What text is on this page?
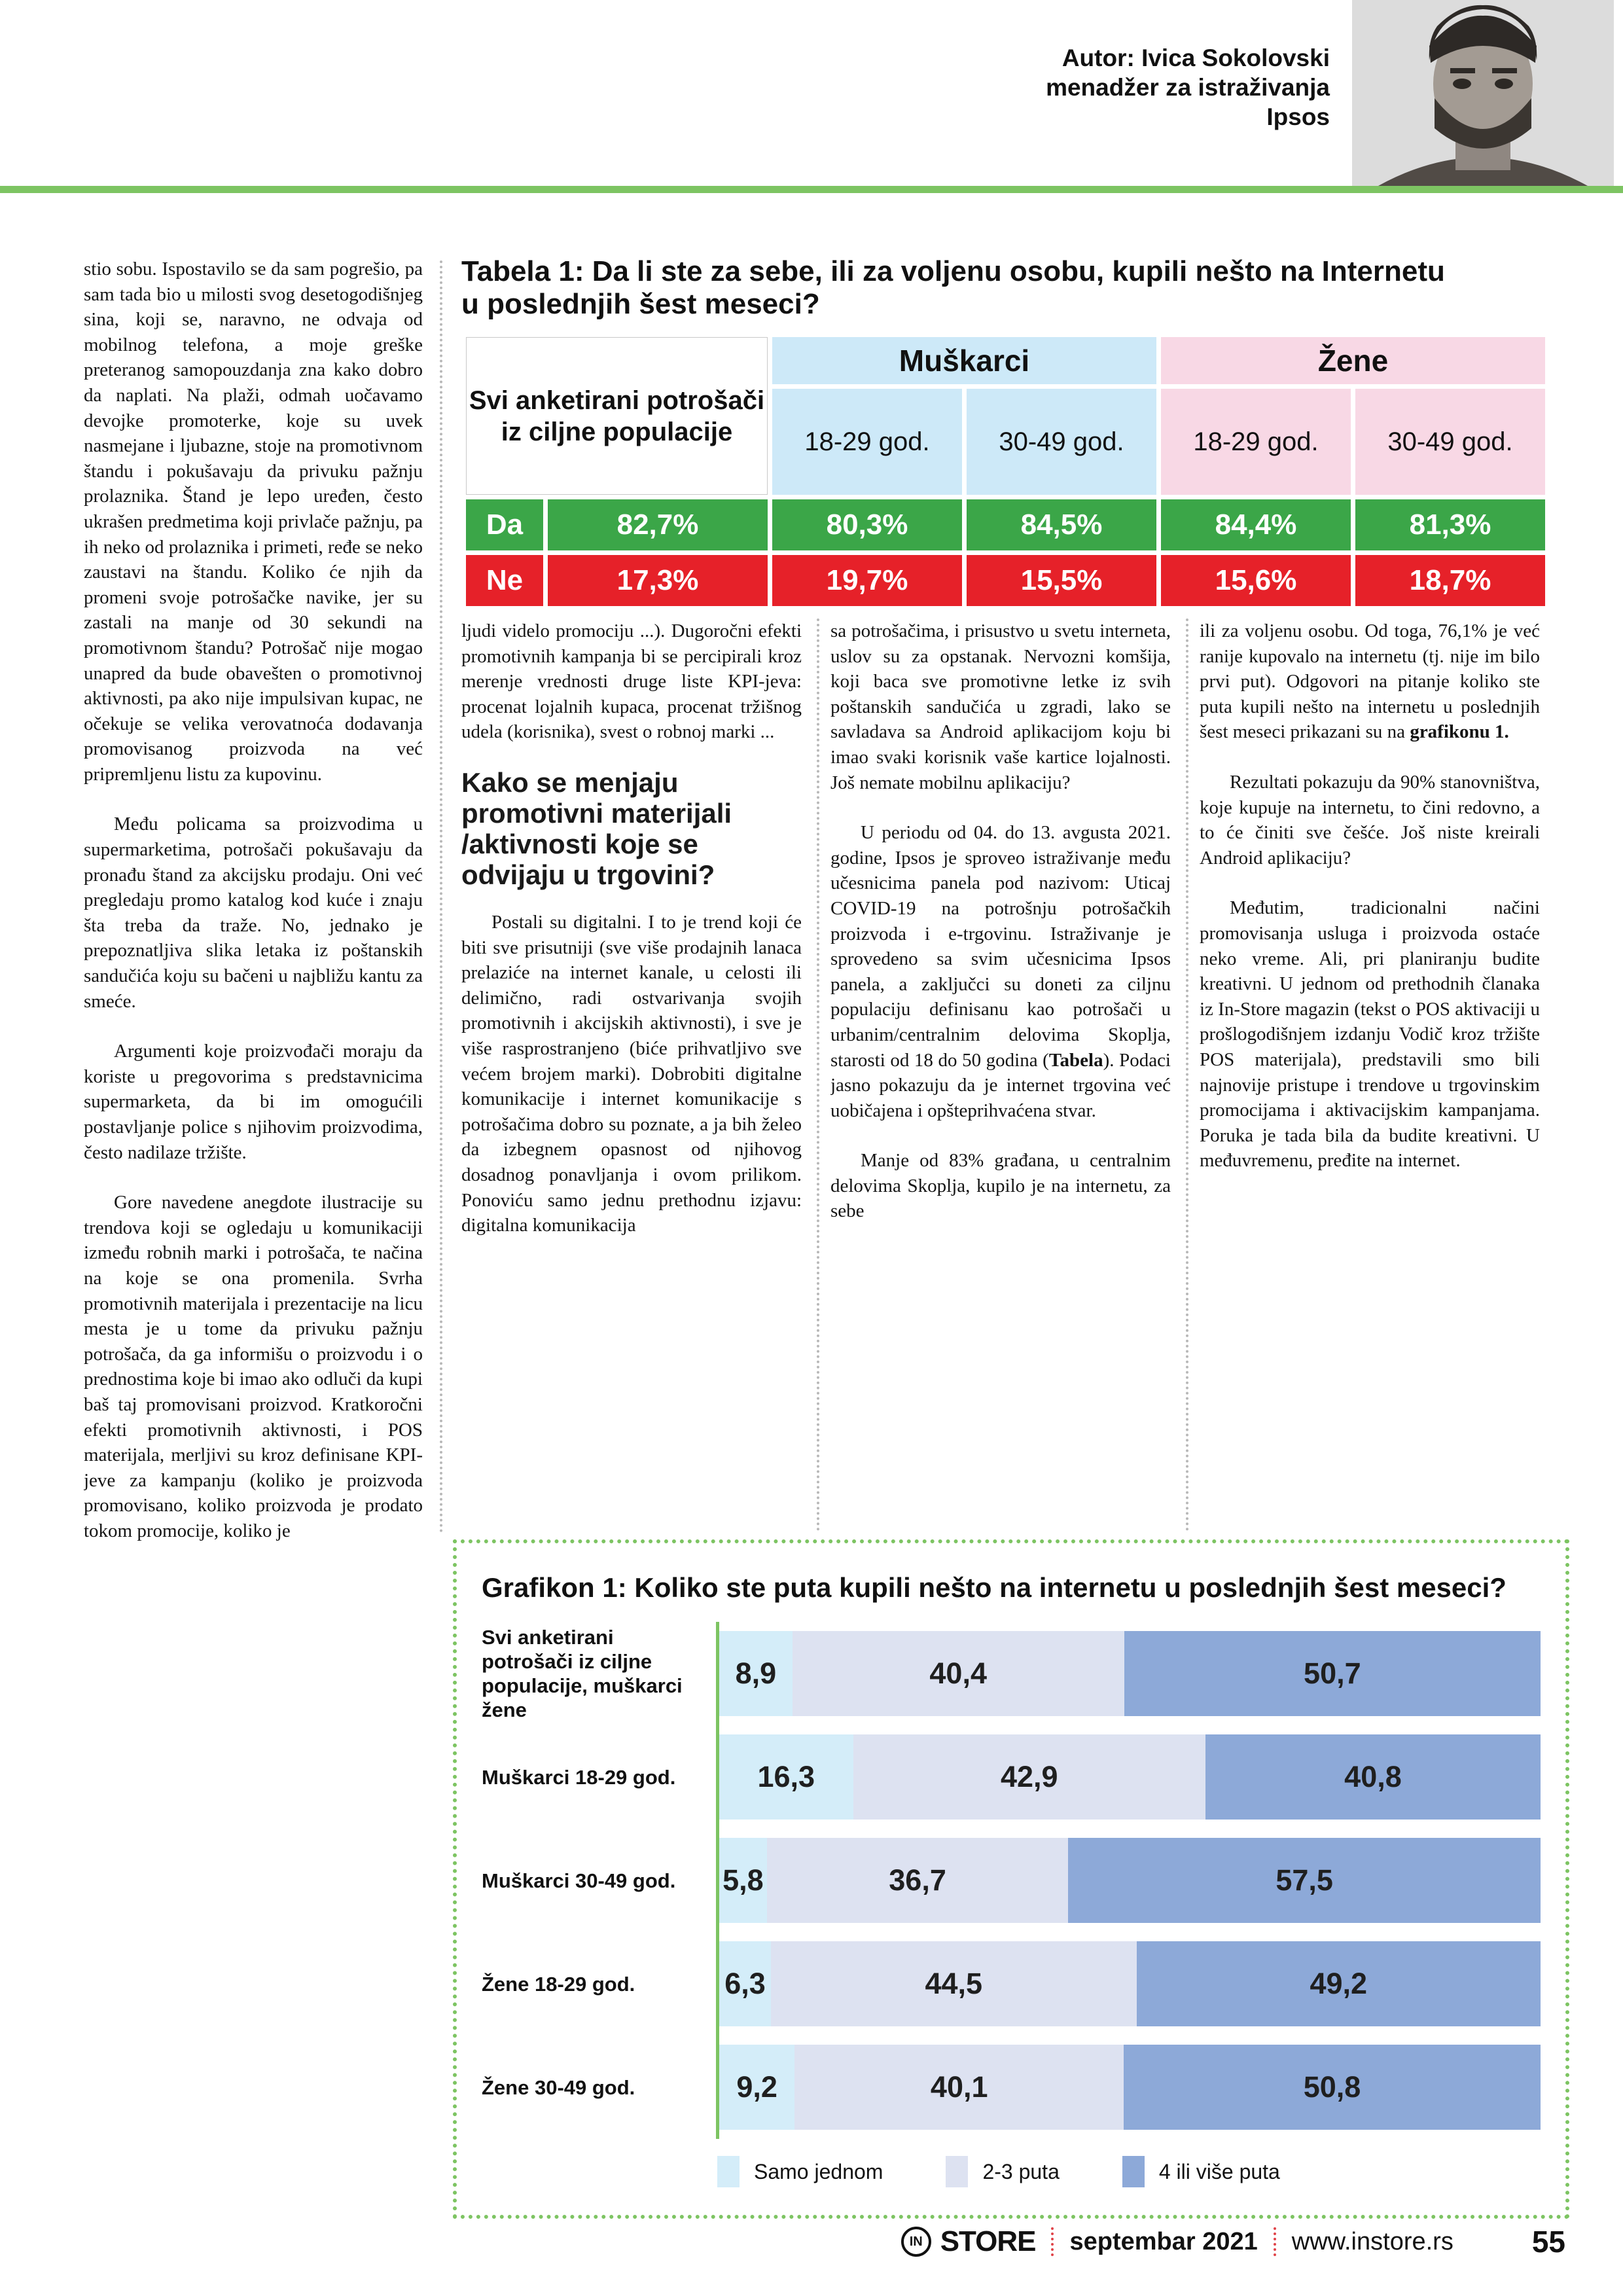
Autor: Ivica Sokolovski
menadžer za istraživanja
Ipsos

stio sobu. Ispostavilo se da sam pogrešio, pa sam tada bio u milosti svog desetogodišnjeg sina, koji se, naravno, ne odvaja od mobilnog telefona, a moje greške preteranog samopouzdanja zna kako dobro da naplati. Na plaži, odmah uočavamo devojke promoterke, koje su uvek nasmejane i ljubazne, stoje na promotivnom štandu i pokušavaju da privuku pažnju prolaznika. Štand je lepo uređen, često ukrašen predmetima koji privlače pažnju, pa ih neko od prolaznika i primeti, ređe se neko zaustavi na štandu. Koliko će njih da promeni svoje potrošačke navike, jer su zastali na manje od 30 sekundi na promotivnom štandu? Potrošač nije mogao unapred da bude obavešten o promotivnoj aktivnosti, pa ako nije impulsivan kupac, ne očekuje se velika verovatnoća dodavanja promovisanog proizvoda na već pripremljenu listu za kupovinu.

Među policama sa proizvodima u supermarketima, potrošači pokušavaju da pronađu štand za akcijsku prodaju. Oni već pregledaju promo katalog kod kuće i znaju šta treba da traže. No, jednako je prepoznatljiva slika letaka iz poštanskih sandučića koju su bačeni u najbližu kantu za smeće.

Argumenti koje proizvođači moraju da koriste u pregovorima s predstavnicima supermarketa, da bi im omogućili postavljanje police s njihovim proizvodima, često nadilaze tržište.

Gore navedene anegdote ilustracije su trendova koji se ogledaju u komunikaciji između robnih marki i potrošača, te načina na koje se ona promenila. Svrha promotivnih materijala i prezentacije na licu mesta je u tome da privuku pažnju potrošača, da ga informišu o proizvodu i o prednostima koje bi imao ako odluči da kupi baš taj promovisani proizvod. Kratkoročni efekti promotivnih aktivnosti, i POS materijala, merljivi su kroz definisane KPI-jeve za kampanju (koliko je proizvoda promovisano, koliko proizvoda je prodato tokom promocije, koliko je

Tabela 1: Da li ste za sebe, ili za voljenu osobu, kupili nešto na Internetu u poslednjih šest meseci?
Svi anketirani potrošači iz ciljne populacije		Muškarci		Žene	
		18-29 god.	30-49 god.	18-29 god.	30-49 god.
Da	82,7%	80,3%	84,5%	84,4%	81,3%
Ne	17,3%	19,7%	15,5%	15,6%	18,7%

ljudi videlo promociju ...). Dugoročni efekti promotivnih kampanja bi se percipirali kroz merenje vrednosti druge liste KPI-jeva: procenat lojalnih kupaca, procenat tržišnog udela (korisnika), svest o robnoj marki ...

Kako se menjaju promotivni materijali /aktivnosti koje se odvijaju u trgovini?

Postali su digitalni. I to je trend koji će biti sve prisutniji (sve više prodajnih lanaca prelaziće na internet kanale, u celosti ili delimično, radi ostvarivanja svojih promotivnih i akcijskih aktivnosti), i sve je više rasprostranjeno (biće prihvatljivo sve većem brojem marki). Dobrobiti digitalne komunikacije i internet komunikacije s potrošačima dobro su poznate, a ja bih želeo da izbegnem opasnost od njihovog dosadnog ponavljanja i ovom prilikom. Ponoviću samo jednu prethodnu izjavu: digitalna komunikacija

sa potrošačima, i prisustvo u svetu interneta, uslov su za opstanak. Nervozni komšija, koji baca sve promotivne letke iz svih poštanskih sandučića u zgradi, lako se savladava sa Android aplikacijom koju bi imao svaki korisnik vaše kartice lojalnosti. Još nemate mobilnu aplikaciju?

U periodu od 04. do 13. avgusta 2021. godine, Ipsos je sproveo istraživanje među učesnicima panela pod nazivom: Uticaj COVID-19 na potrošnju potrošačkih proizvoda i e-trgovinu. Istraživanje je sprovedeno sa svim učesnicima Ipsos panela, a zaključci su doneti za ciljnu populaciju definisanu kao potrošači u urbanim/centralnim delovima Skoplja, starosti od 18 do 50 godina (Tabela). Podaci jasno pokazuju da je internet trgovina već uobičajena i opšteprihvaćena stvar.

Manje od 83% građana, u centralnim delovima Skoplja, kupilo je na internetu, za sebe

ili za voljenu osobu. Od toga, 76,1% je već ranije kupovalo na internetu (tj. nije im bilo prvi put). Odgovori na pitanje koliko ste puta kupili nešto na internetu u poslednjih šest meseci prikazani su na grafikonu 1.

Rezultati pokazuju da 90% stanovništva, koje kupuje na internetu, to čini redovno, a to će činiti sve češće. Još niste kreirali Android aplikaciju?

Međutim, tradicionalni načini promovisanja usluga i proizvoda ostaće neko vreme. Ali, pri planiranju budite kreativni. U jednom od prethodnih članaka iz In-Store magazin (tekst o POS aktivaciji u prošlogodišnjem izdanju Vodič kroz tržište POS materijala), predstavili smo bili najnovije pristupe i trendove u trgovinskim promocijama i aktivacijskim kampanjama. Poruka je tada bila da budite kreativni. U međuvremenu, pređite na internet.

Grafikon 1: Koliko ste puta kupili nešto na internetu u poslednjih šest meseci?
Svi anketirani potrošači iz ciljne populacije, muškarci žene
8,9	40,4	50,7
Muškarci 18-29 god.	16,3	42,9	40,8
Muškarci 30-49 god.	5,8	36,7	57,5
Žene 18-29 god.	6,3	44,5	49,2
Žene 30-49 god.	9,2	40,1	50,8
Samo jednom	2-3 puta	4 ili više puta
IN STORE septembar 2021 www.instore.rs	55
